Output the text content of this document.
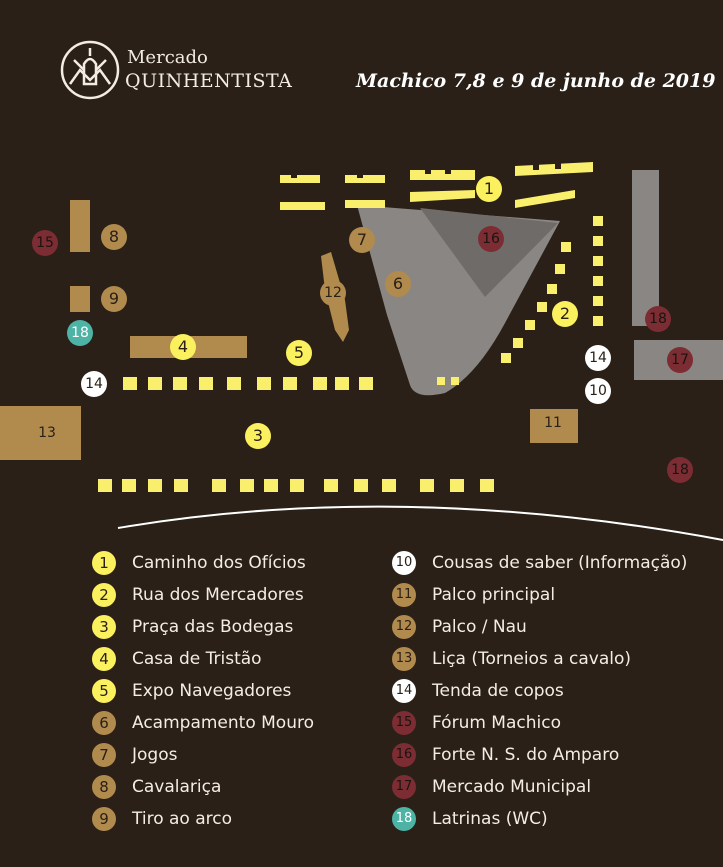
Mercado
QUINHENTISTA	Machico 7,8 e 9 de junho de 2019
1
2
3
4	5
6
7
8
9
10
11
12
13
14
14
15	16
17
18
18
18
1	Caminho dos Ofícios
2	Rua dos Mercadores
3	Praça das Bodegas
4	Casa de Tristão
5	Expo Navegadores
6	Acampamento Mouro
7	Jogos
8	Cavalariça
9	Tiro ao arco
10 Cousas de saber (Informação)
11 Palco principal
12 Palco / Nau
13 Liça (Torneios a cavalo)
14 Tenda de copos
15 Fórum Machico
16 Forte N. S. do Amparo
17 Mercado Municipal
18 Latrinas (WC)
